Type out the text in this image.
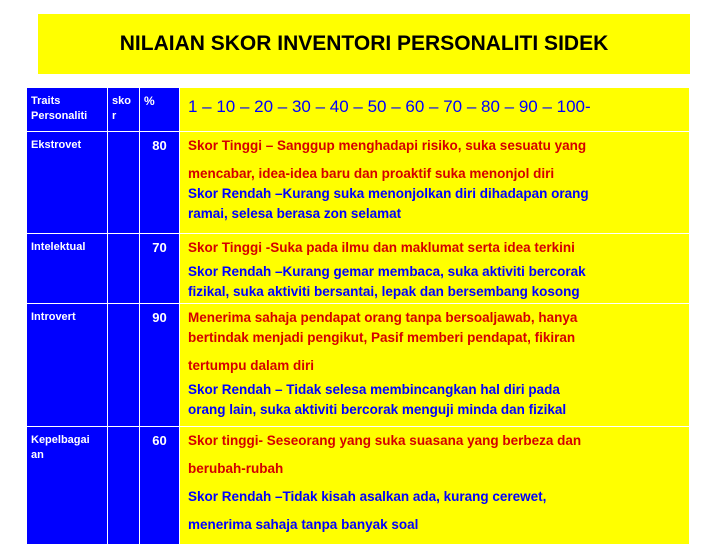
NILAIAN SKOR INVENTORI PERSONALITI SIDEK
Traits Personaliti	sko r	%	1 – 10 – 20 – 30 – 40 – 50 – 60 – 70 – 80 – 90 – 100-

Ekstrovet		80	Skor Tinggi – Sanggup menghadapi risiko, suka sesuatu yang
mencabar, idea-idea baru dan proaktif suka menonjol diri
Skor Rendah –Kurang suka menonjolkan diri dihadapan orang
ramai, selesa berasa zon selamat

Intelektual		70	Skor Tinggi -Suka pada ilmu dan maklumat serta idea terkini
Skor Rendah –Kurang gemar membaca, suka aktiviti bercorak
fizikal, suka aktiviti bersantai, lepak dan bersembang kosong

Introvert		90	Menerima sahaja pendapat orang tanpa bersoaljawab, hanya
bertindak menjadi pengikut, Pasif memberi pendapat, fikiran
tertumpu dalam diri
Skor Rendah – Tidak selesa membincangkan hal diri pada
orang lain, suka aktiviti bercorak menguji minda dan fizikal

Kepelbagai an		60	Skor tinggi- Seseorang yang suka suasana yang berbeza dan
berubah-rubah
Skor Rendah –Tidak kisah asalkan ada, kurang cerewet,
menerima sahaja tanpa banyak soal
